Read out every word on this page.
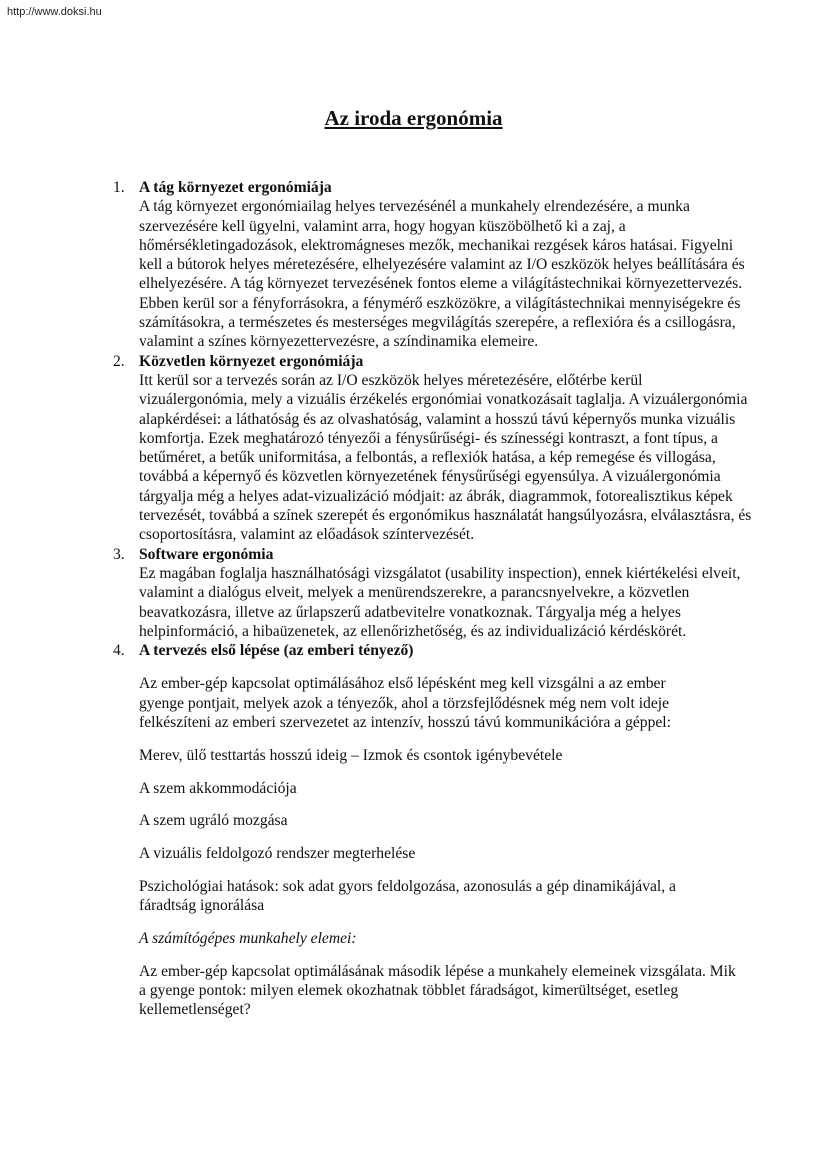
http://www.doksi.hu
Az iroda ergonómia
1. A tág környezet ergonómiája

A tág környezet ergonómiailag helyes tervezésénél a munkahely elrendezésére, a munka szervezésére kell ügyelni, valamint arra, hogy hogyan küszöbölhető ki a zaj, a hőmérsékletingadozások, elektromágneses mezők, mechanikai rezgések káros hatásai. Figyelni kell a bútorok helyes méretezésére, elhelyezésére valamint az I/O eszközök helyes beállítására és elhelyezésére. A tág környezet tervezésének fontos eleme a világítástechnikai környezettervezés. Ebben kerül sor a fényforrásokra, a fénymérő eszközökre, a világítástechnikai mennyiségekre és számításokra, a természetes és mesterséges megvilágítás szerepére, a reflexióra és a csillogásra, valamint a színes környezettervezésre, a színdinamika elemeire.

2. Közvetlen környezet ergonómiája

Itt kerül sor a tervezés során az I/O eszközök helyes méretezésére, előtérbe kerül vizuálergonómia, mely a vizuális érzékelés ergonómiai vonatkozásait taglalja. A vizuálergonómia alapkérdései: a láthatóság és az olvashatóság, valamint a hosszú távú képernyős munka vizuális komfortja. Ezek meghatározó tényezői a fénysűrűségi- és színességi kontraszt, a font típus, a betűméret, a betűk uniformitása, a felbontás, a reflexiók hatása, a kép remegése és villogása, továbbá a képernyő és közvetlen környezetének fénysűrűségi egyensúlya. A vizuálergonómia tárgyalja még a helyes adat-vizualizáció módjait: az ábrák, diagrammok, fotorealisztikus képek tervezését, továbbá a színek szerepét és ergonómikus használatát hangsúlyozásra, elválasztásra, és csoportosításra, valamint az előadások színtervezését.

3. Software ergonómia

Ez magában foglalja használhatósági vizsgálatot (usability inspection), ennek kiértékelési elveit, valamint a dialógus elveit, melyek a menürendszerekre, a parancsnyelvekre, a közvetlen beavatkozásra, illetve az űrlapszerű adatbevitelre vonatkoznak. Tárgyalja még a helyes helpinformáció, a hibaüzenetek, az ellenőrizhetőség, és az individualizáció kérdéskörét.

4. A tervezés első lépése (az emberi tényező)

Az ember-gép kapcsolat optimálásához első lépésként meg kell vizsgálni a az ember gyenge pontjait, melyek azok a tényezők, ahol a törzsfejlődésnek még nem volt ideje felkészíteni az emberi szervezetet az intenzív, hosszú távú kommunikációra a géppel:

Merev, ülő testtartás hosszú ideig – Izmok és csontok igénybevétele

A szem akkommodációja

A szem ugráló mozgása

A vizuális feldolgozó rendszer megterhelése

Pszichológiai hatások: sok adat gyors feldolgozása, azonosulás a gép dinamikájával, a fáradtság ignorálása

A számítógépes munkahely elemei:

Az ember-gép kapcsolat optimálásának második lépése a munkahely elemeinek vizsgálata. Mik a gyenge pontok: milyen elemek okozhatnak többlet fáradságot, kimerültséget, esetleg kellemetlenséget?
